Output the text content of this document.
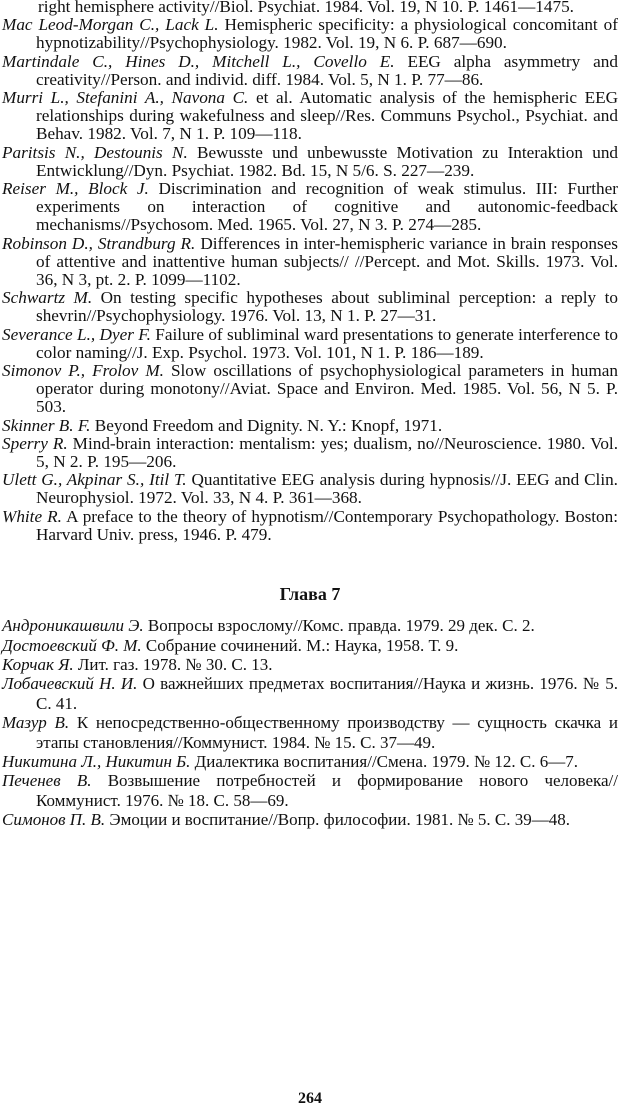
right hemisphere activity//Biol. Psychiat. 1984. Vol. 19, N 10. P. 1461—1475.
Mac Leod-Morgan C., Lack L. Hemispheric specificity: a physiological concomitant of hypnotizability//Psychophysiology. 1982. Vol. 19, N 6. P. 687—690.
Martindale C., Hines D., Mitchell L., Covello E. EEG alpha asymmetry and creativity//Person. and individ. diff. 1984. Vol. 5, N 1. P. 77—86.
Murri L., Stefanini A., Navona C. et al. Automatic analysis of the hemispheric EEG relationships during wakefulness and sleep//Res. Communs Psychol., Psychiat. and Behav. 1982. Vol. 7, N 1. P. 109—118.
Paritsis N., Destounis N. Bewusste und unbewusste Motivation zu Interaktion und Entwicklung//Dyn. Psychiat. 1982. Bd. 15, N 5/6. S. 227—239.
Reiser M., Block J. Discrimination and recognition of weak stimulus. III: Further experiments on interaction of cognitive and autonomic-feedback mechanisms//Psychosom. Med. 1965. Vol. 27, N 3. P. 274—285.
Robinson D., Strandburg R. Differences in inter-hemispheric variance in brain responses of attentive and inattentive human subjects// //Percept. and Mot. Skills. 1973. Vol. 36, N 3, pt. 2. P. 1099—1102.
Schwartz M. On testing specific hypotheses about subliminal perception: a reply to shevrin//Psychophysiology. 1976. Vol. 13, N 1. P. 27—31.
Severance L., Dyer F. Failure of subliminal ward presentations to generate interference to color naming//J. Exp. Psychol. 1973. Vol. 101, N 1. P. 186—189.
Simonov P., Frolov M. Slow oscillations of psychophysiological parameters in human operator during monotony//Aviat. Space and Environ. Med. 1985. Vol. 56, N 5. P. 503.
Skinner B. F. Beyond Freedom and Dignity. N. Y.: Knopf, 1971.
Sperry R. Mind-brain interaction: mentalism: yes; dualism, no//Neuroscience. 1980. Vol. 5, N 2. P. 195—206.
Ulett G., Akpinar S., Itil T. Quantitative EEG analysis during hypnosis//J. EEG and Clin. Neurophysiol. 1972. Vol. 33, N 4. P. 361—368.
White R. A preface to the theory of hypnotism//Contemporary Psychopathology. Boston: Harvard Univ. press, 1946. P. 479.
Глава 7
Андроникашвили Э. Вопросы взрослому//Комс. правда. 1979. 29 дек. С. 2.
Достоевский Ф. М. Собрание сочинений. М.: Наука, 1958. Т. 9.
Корчак Я. Лит. газ. 1978. № 30. С. 13.
Лобачевский Н. И. О важнейших предметах воспитания//Наука и жизнь. 1976. № 5. С. 41.
Мазур В. К непосредственно-общественному производству — сущность скачка и этапы становления//Коммунист. 1984. № 15. С. 37—49.
Никитина Л., Никитин Б. Диалектика воспитания//Смена. 1979. № 12. С. 6—7.
Печенев В. Возвышение потребностей и формирование нового человека//Коммунист. 1976. № 18. С. 58—69.
Симонов П. В. Эмоции и воспитание//Вопр. философии. 1981. № 5. С. 39—48.
264
